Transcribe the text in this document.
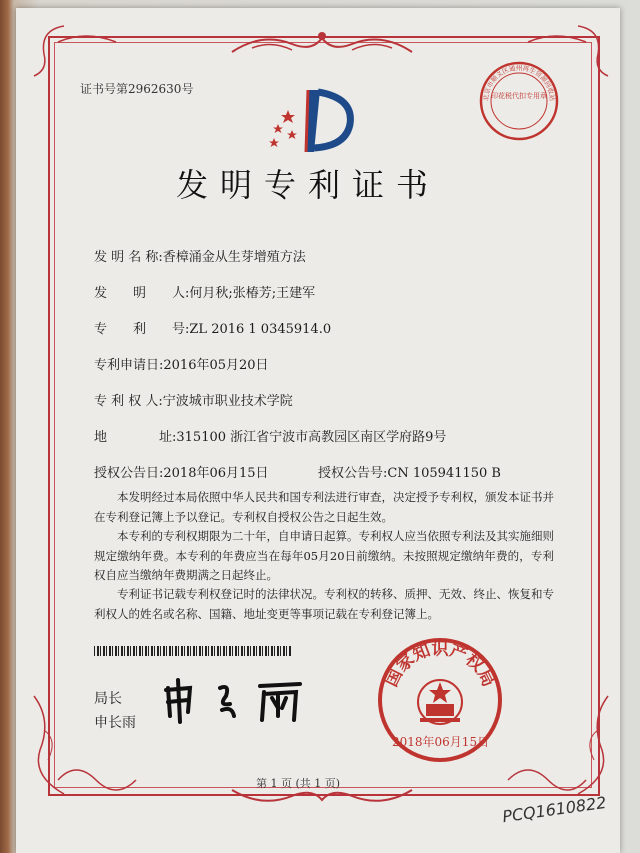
证书号第2962630号	印花税代扣专用章
北京市顺义区通州再生资源回收站
发明专利证书
发 明 名 称:香樟涌金从生芽增殖方法
发　　明　　人:何月秋;张椿芳;王建军
专　　利　　号:ZL 2016 1 0345914.0
专利申请日:2016年05月20日
专 利 权 人:宁波城市职业技术学院
地　　　　址:315100 浙江省宁波市高教园区南区学府路9号
授权公告日:2018年06月15日	授权公告号:CN 105941150 B
本发明经过本局依照中华人民共和国专利法进行审查，决定授予专利权，颁发本证书并在专利登记簿上予以登记。专利权自授权公告之日起生效。
本专利的专利权期限为二十年，自申请日起算。专利权人应当依照专利法及其实施细则规定缴纳年费。本专利的年费应当在每年05月20日前缴纳。未按照规定缴纳年费的，专利权自应当缴纳年费期满之日起终止。
专利证书记载专利权登记时的法律状况。专利权的转移、质押、无效、终止、恢复和专利权人的姓名或名称、国籍、地址变更等事项记载在专利登记簿上。
局长
申长雨
国家知识产权局
2018年06月15日
第 1 页 (共 1 页)
PCQ1610822
